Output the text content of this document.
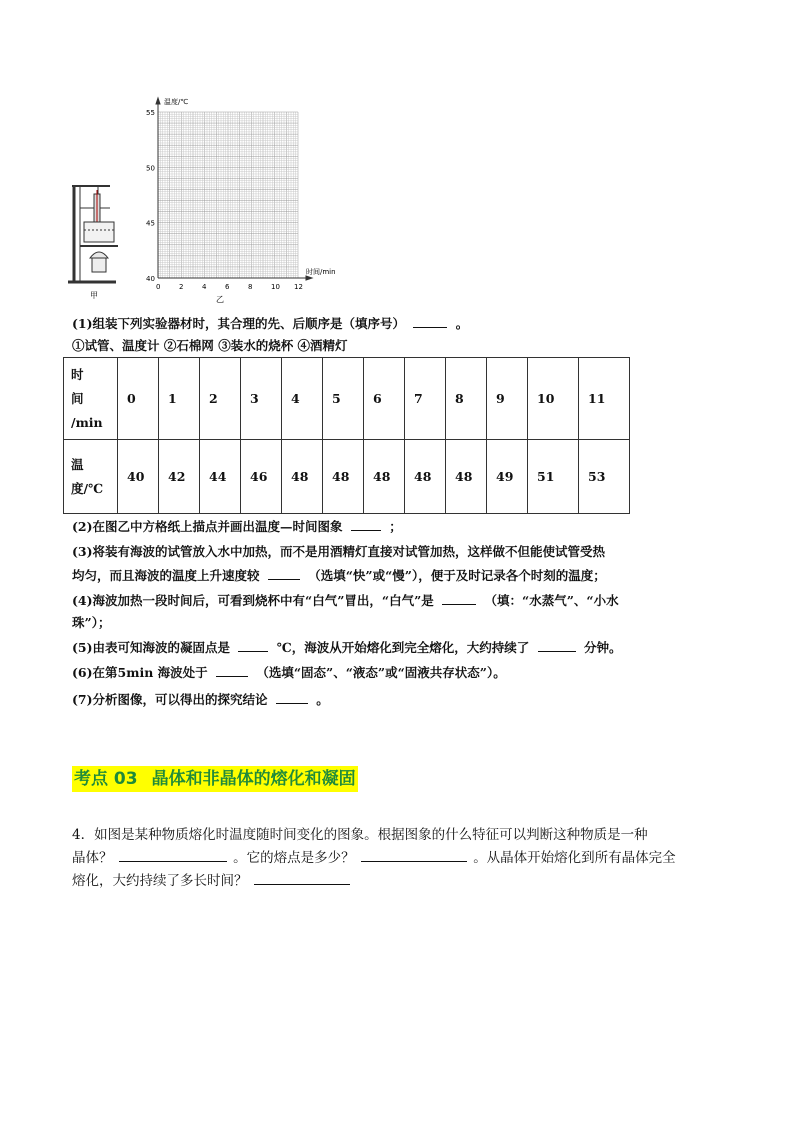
甲
温度/℃
时间/min
55
50
45
40
0	2	4	6	8	10 12
乙
(1)组装下列实验器材时，其合理的先、后顺序是（填序号）	。
①试管、温度计 ②石棉网 ③装水的烧杯 ④酒精灯
时
间
/min	0	1	2	3	4	5	6	7	8	9	10	11

温
度/℃	40	42	44	46	48	48	48	48	48	49	51	53
(2)在图乙中方格纸上描点并画出温度—时间图象	；
(3)将装有海波的试管放入水中加热，而不是用酒精灯直接对试管加热，这样做不但能使试管受热
均匀，而且海波的温度上升速度较	（选填“快”或“慢”），便于及时记录各个时刻的温度；
(4)海波加热一段时间后，可看到烧杯中有“白气”冒出，“白气”是	（填：“水蒸气”、“小水
珠”）；
(5)由表可知海波的凝固点是	℃，海波从开始熔化到完全熔化，大约持续了	分钟。
(6)在第5min 海波处于	（选填“固态”、“液态”或“固液共存状态”）。
(7)分析图像，可以得出的探究结论	。
考点 03 晶体和非晶体的熔化和凝固
4．如图是某种物质熔化时温度随时间变化的图象。根据图象的什么特征可以判断这种物质是一种
晶体？	。它的熔点是多少？	。从晶体开始熔化到所有晶体完全
熔化，大约持续了多长时间？
